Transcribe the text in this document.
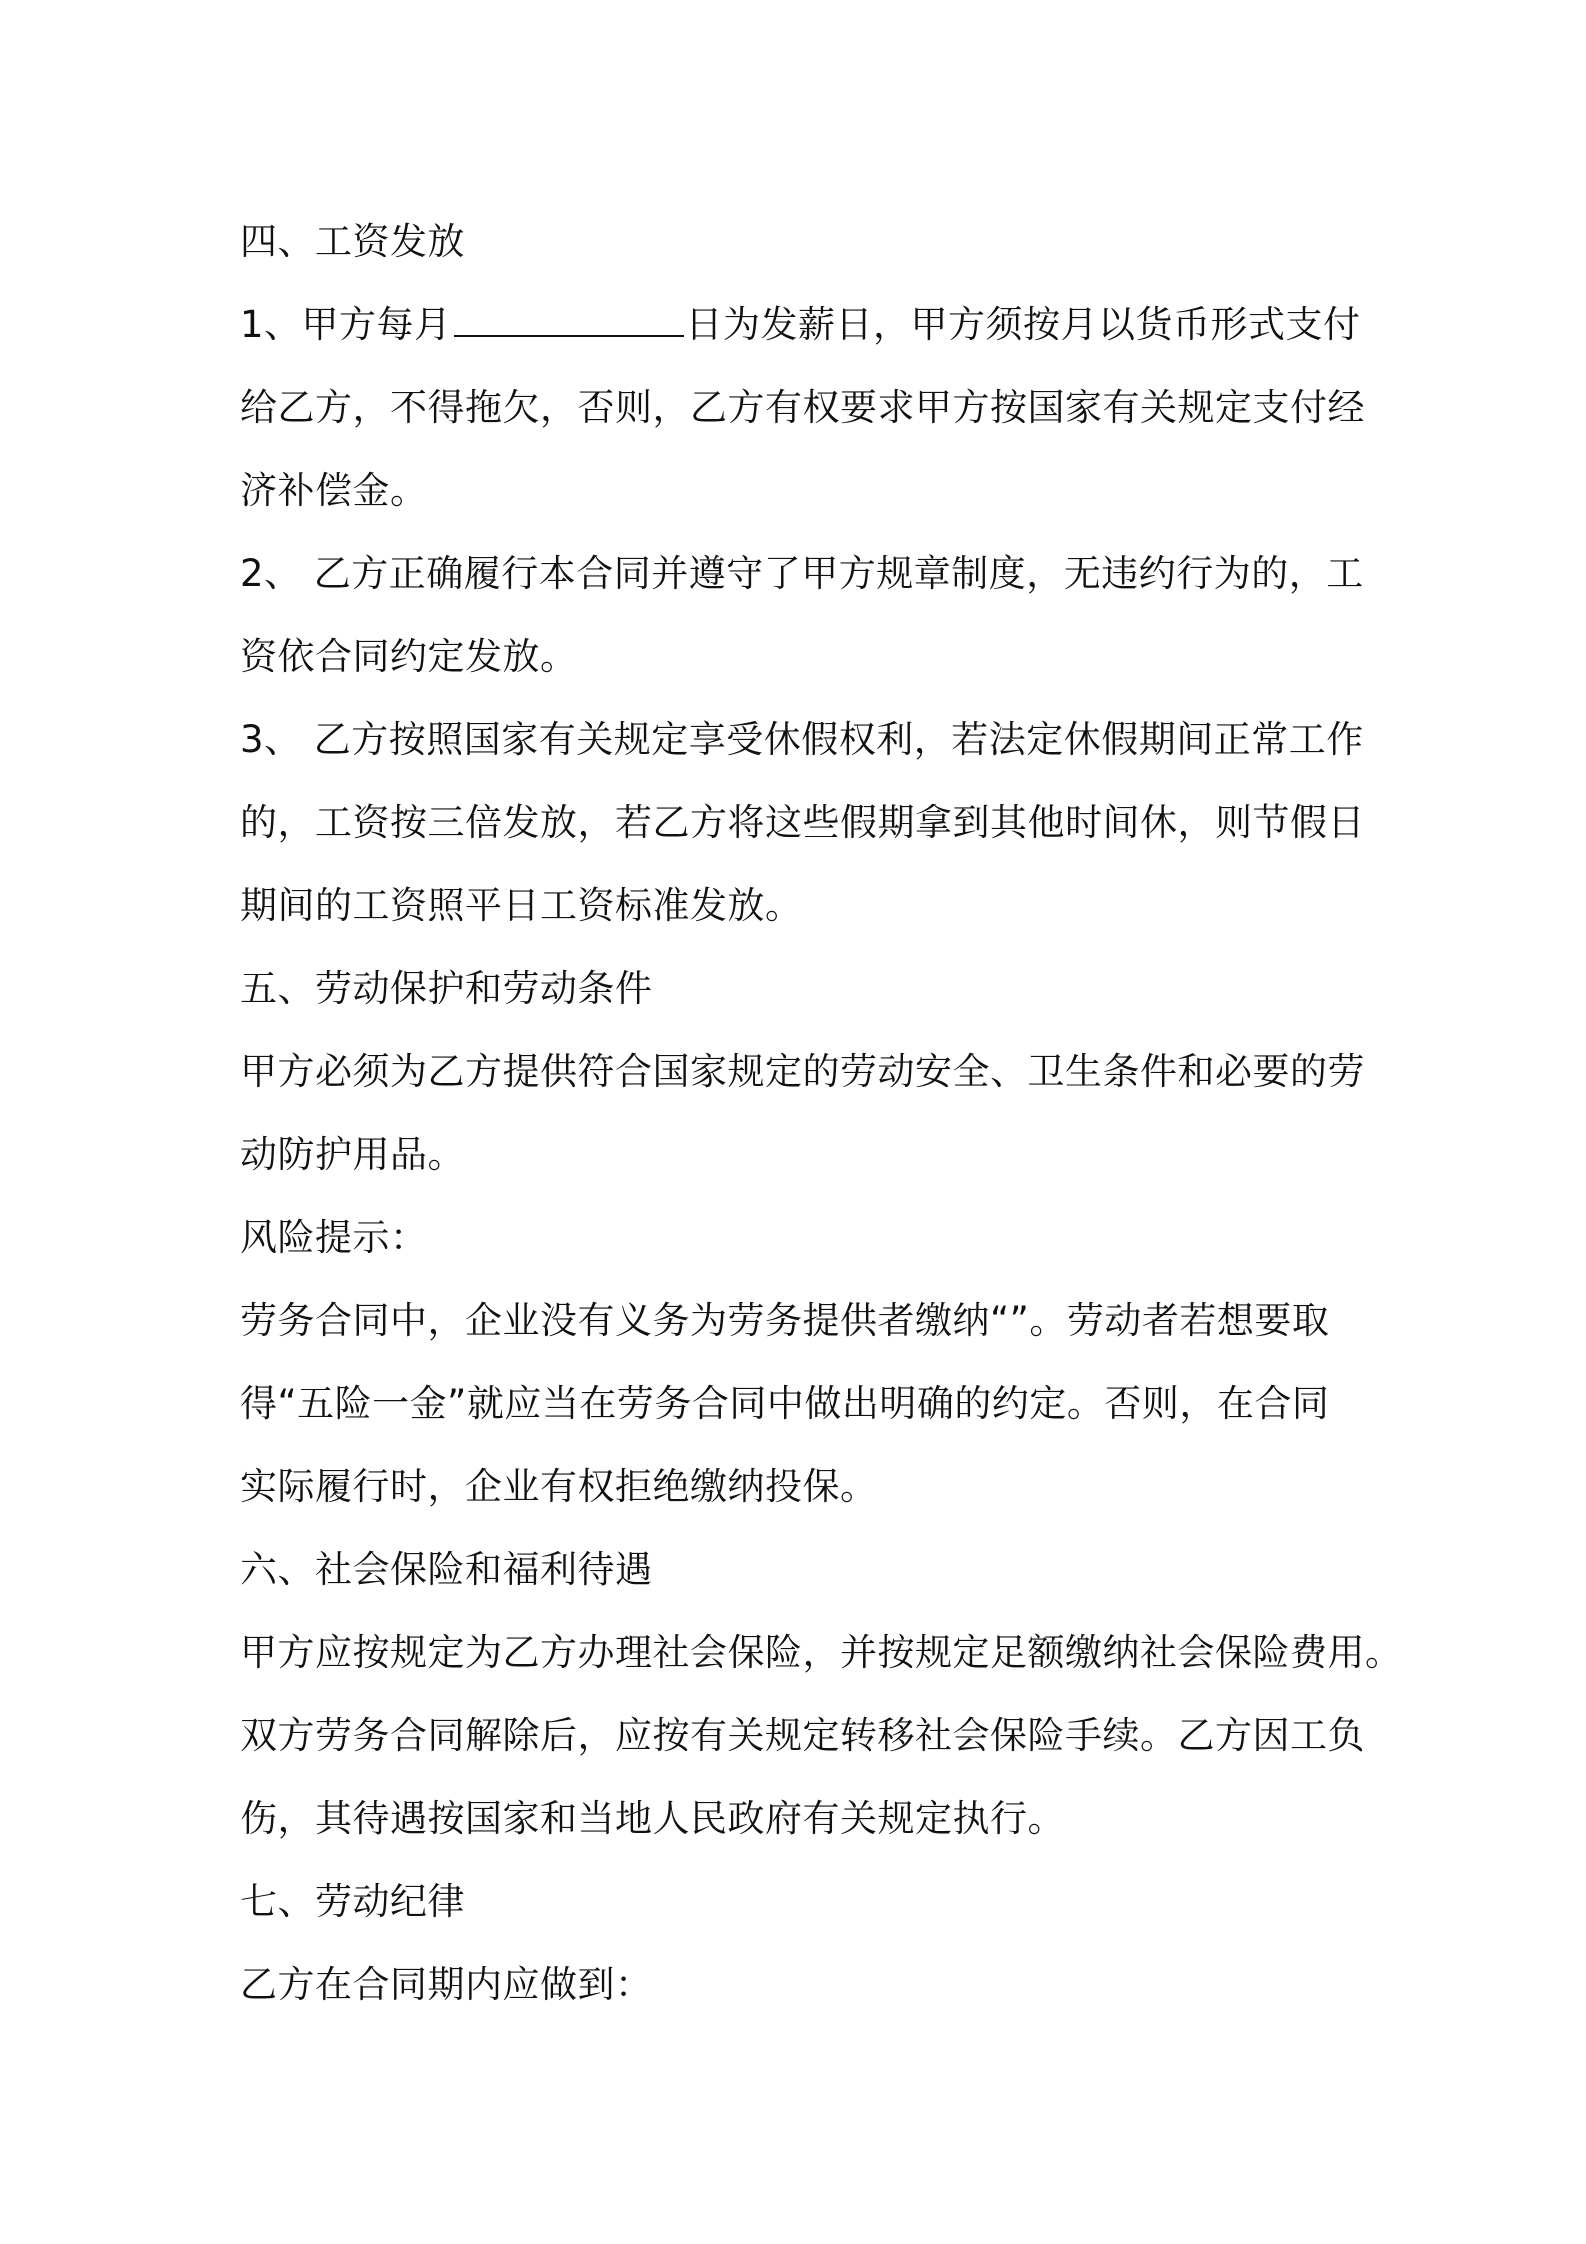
四、工资发放

1、甲方每月	日为发薪日，甲方须按月以货币形式支付

给乙方，不得拖欠，否则，乙方有权要求甲方按国家有关规定支付经

济补偿金。

2、 乙方正确履行本合同并遵守了甲方规章制度，无违约行为的，工

资依合同约定发放。

3、 乙方按照国家有关规定享受休假权利，若法定休假期间正常工作

的，工资按三倍发放，若乙方将这些假期拿到其他时间休，则节假日

期间的工资照平日工资标准发放。

五、劳动保护和劳动条件

甲方必须为乙方提供符合国家规定的劳动安全、卫生条件和必要的劳

动防护用品。

风险提示：

劳务合同中，企业没有义务为劳务提供者缴纳“”。劳动者若想要取

得“五险一金”就应当在劳务合同中做出明确的约定。否则，在合同

实际履行时，企业有权拒绝缴纳投保。

六、社会保险和福利待遇

甲方应按规定为乙方办理社会保险，并按规定足额缴纳社会保险费用。

双方劳务合同解除后，应按有关规定转移社会保险手续。乙方因工负

伤，其待遇按国家和当地人民政府有关规定执行。

七、劳动纪律

乙方在合同期内应做到：
